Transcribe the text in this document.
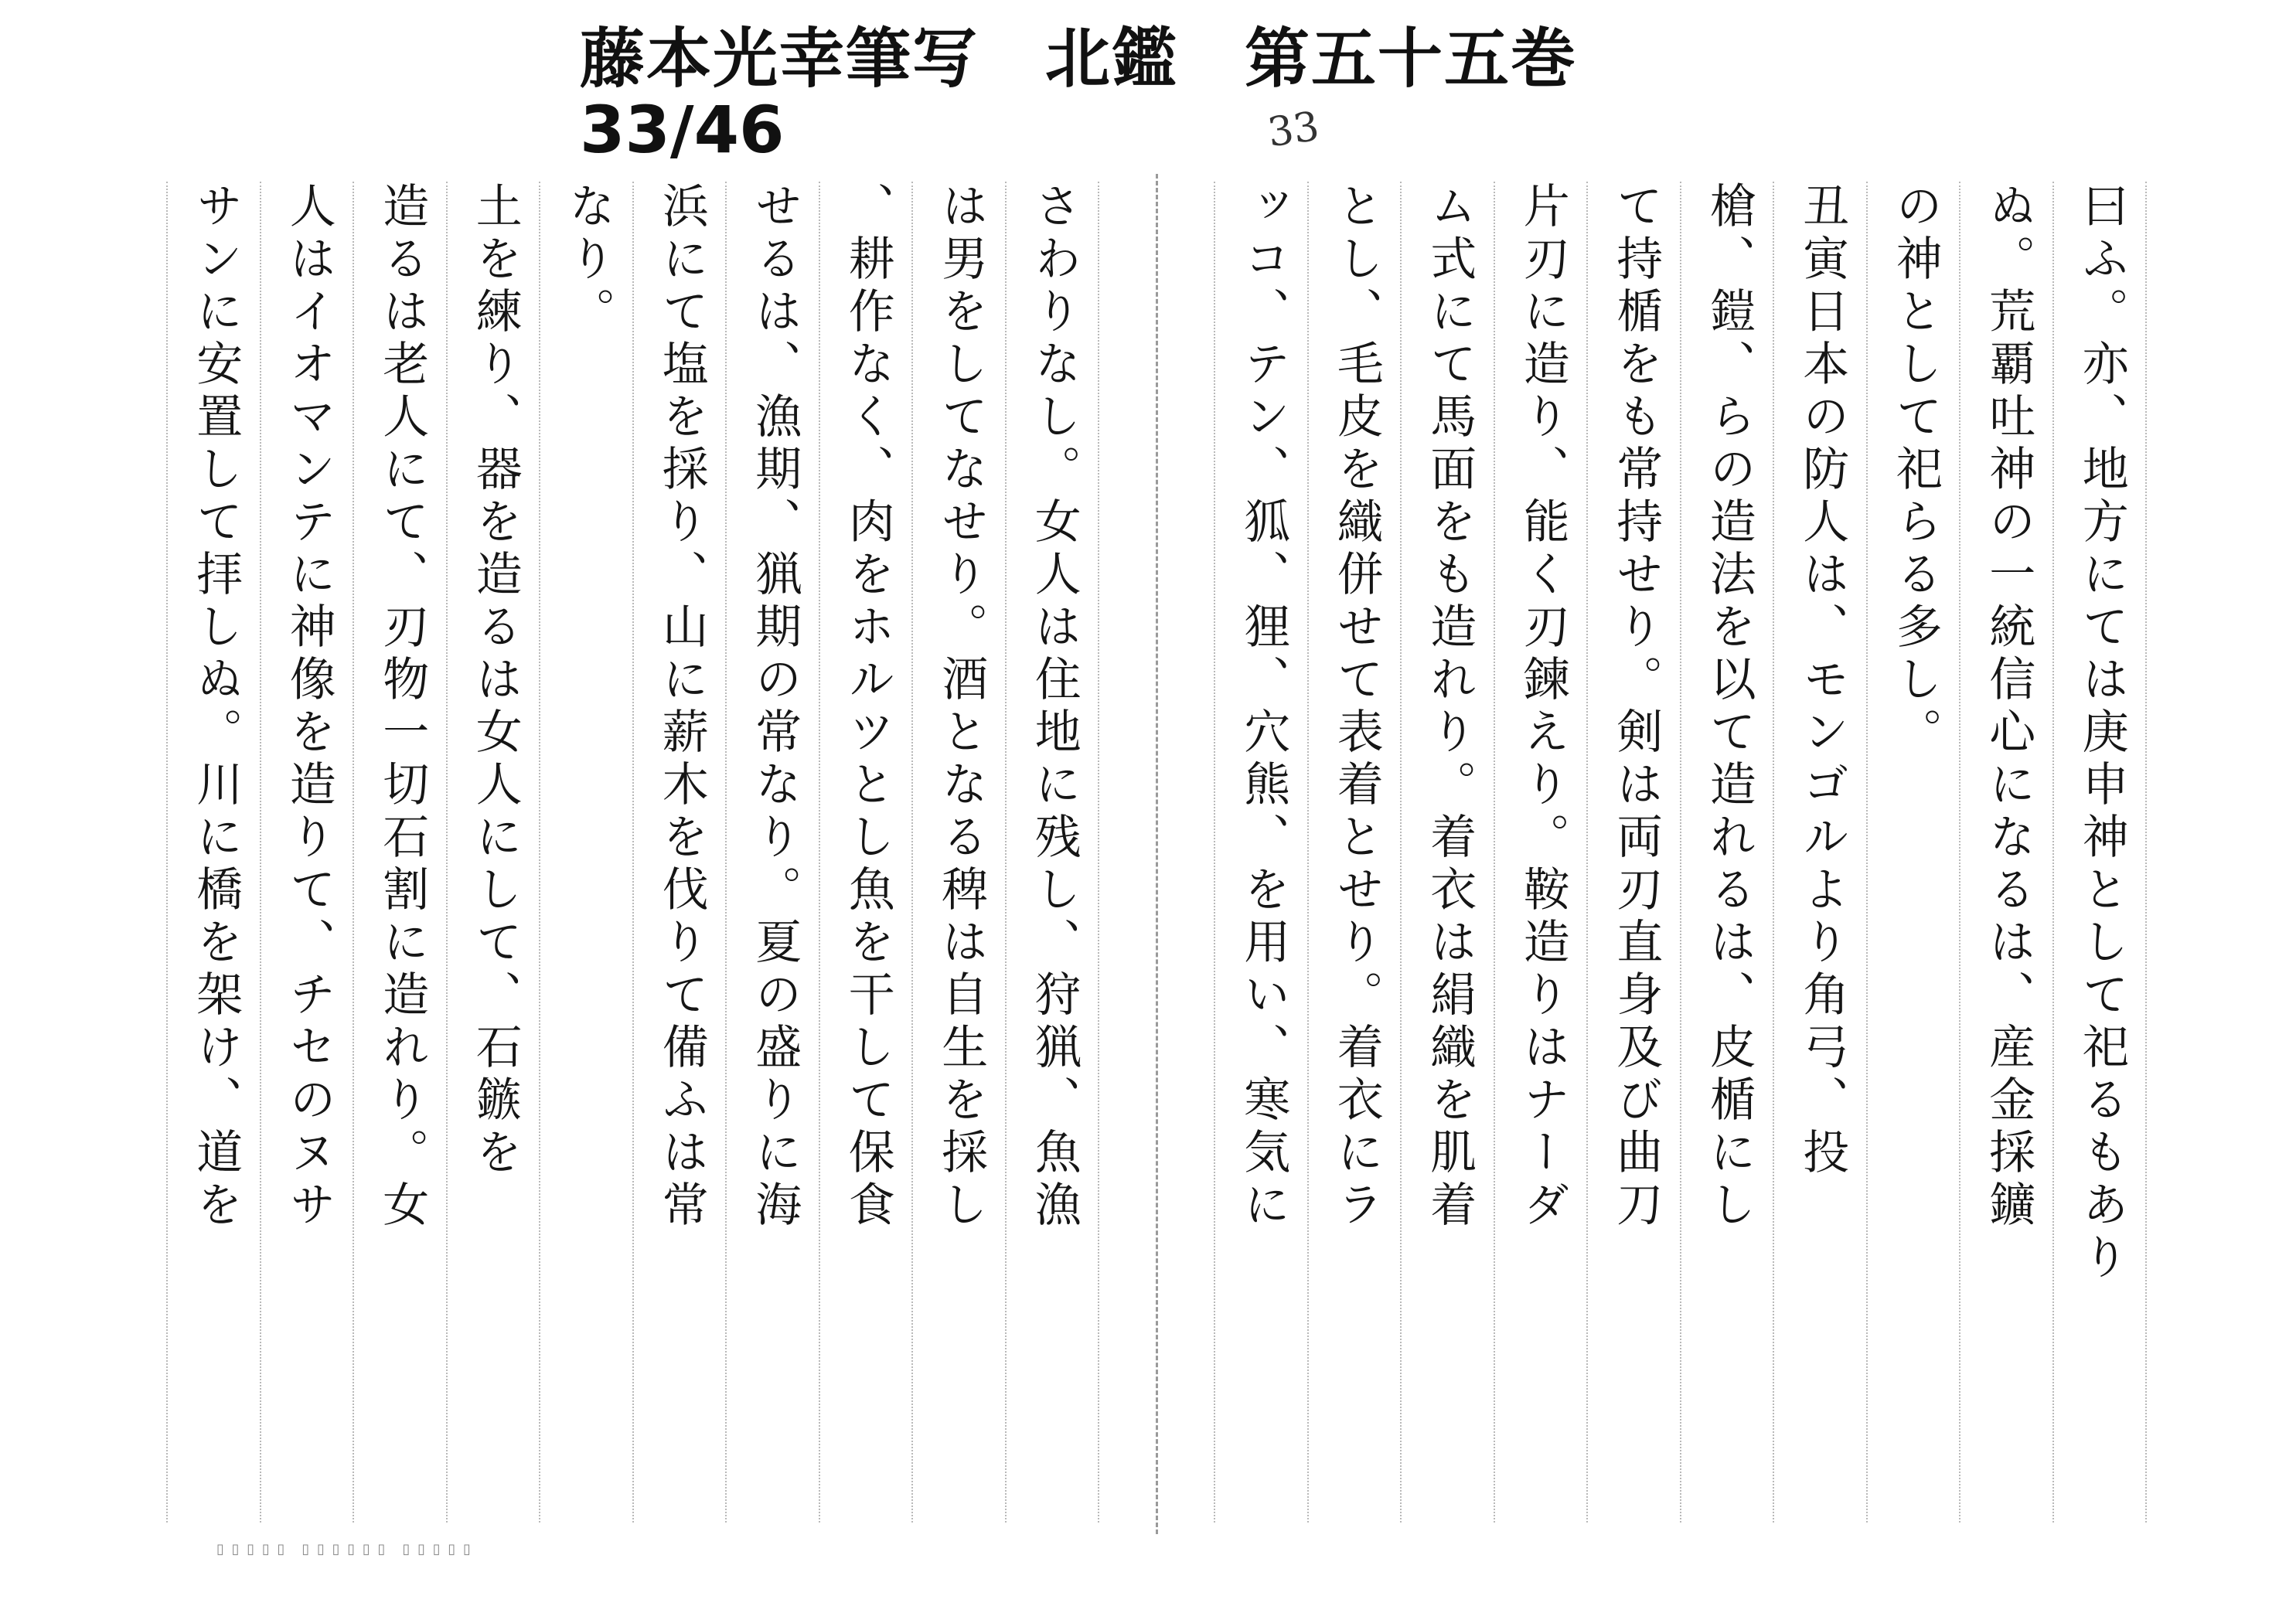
藤本光幸筆写　北鑑　第五十五巻
33/46	33
曰ふ。亦、地方にては庚申神として祀るもあり
ぬ。荒覇吐神の一統信心になるは、産金採鑛
の神として祀らる多し。
丑寅日本の防人は、モンゴルより角弓、投
槍、鎧、らの造法を以て造れるは、皮楯にし
て持楯をも常持せり。剣は両刃直身及び曲刀
片刃に造り、能く刃鍊えり。鞍造りはナーダ
ム式にて馬面をも造れり。着衣は絹織を肌着
とし、毛皮を織併せて表着とせり。着衣にラ
ッコ、テン、狐、狸、穴熊、を用い、寒気に
さわりなし。女人は住地に残し、狩猟、魚漁
は男をしてなせり。酒となる稗は自生を採し
、耕作なく、肉をホルツとし魚を干して保食
せるは、漁期、猟期の常なり。夏の盛りに海
浜にて塩を採り、山に薪木を伐りて備ふは常
なり。
土を練り、器を造るは女人にして、石鏃を
造るは老人にて、刃物一切石割に造れり。女
人はイオマンテに神像を造りて、チセのヌサ
サンに安置して拝しぬ。川に橋を架け、道を
▯ ▯ ▯ ▯ ▯　▯ ▯ ▯ ▯ ▯ ▯　▯ ▯ ▯ ▯ ▯
